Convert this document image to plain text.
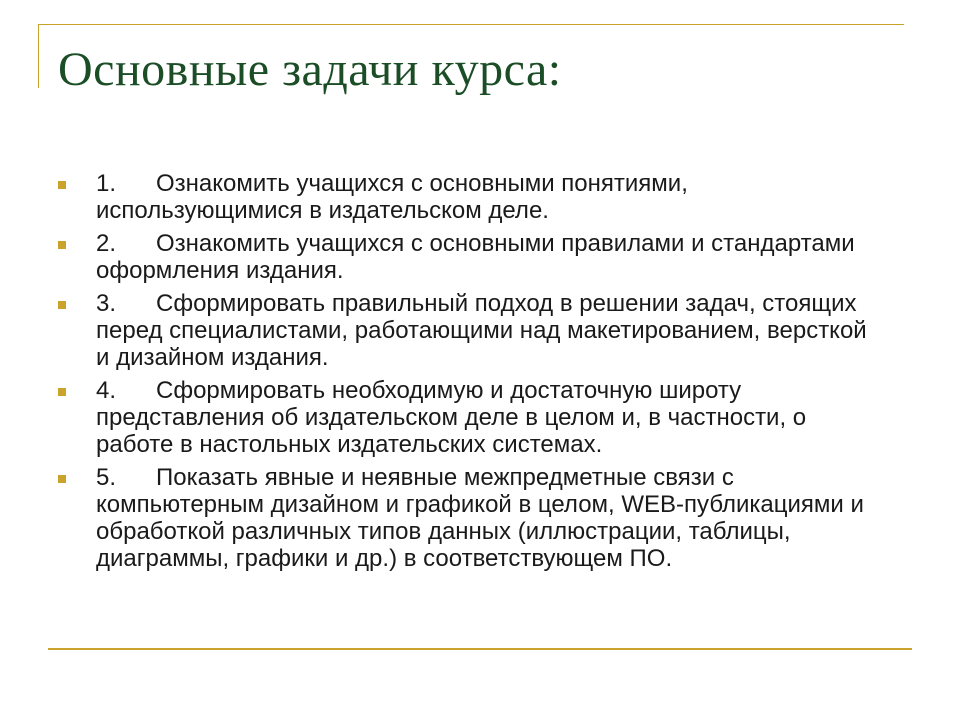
Основные задачи курса:
1. Ознакомить учащихся с основными понятиями, использующимися в издательском деле.
2. Ознакомить учащихся с основными правилами и стандартами оформления издания.
3. Сформировать правильный подход в решении задач, стоящих перед специалистами, работающими над макетированием, версткой и дизайном издания.
4. Сформировать необходимую и достаточную широту представления об издательском деле в целом и, в частности, о работе в настольных издательских системах.
5. Показать явные и неявные межпредметные связи с компьютерным дизайном и графикой в целом, WEB-публикациями и обработкой различных типов данных (иллюстрации, таблицы, диаграммы, графики и др.) в соответствующем ПО.
